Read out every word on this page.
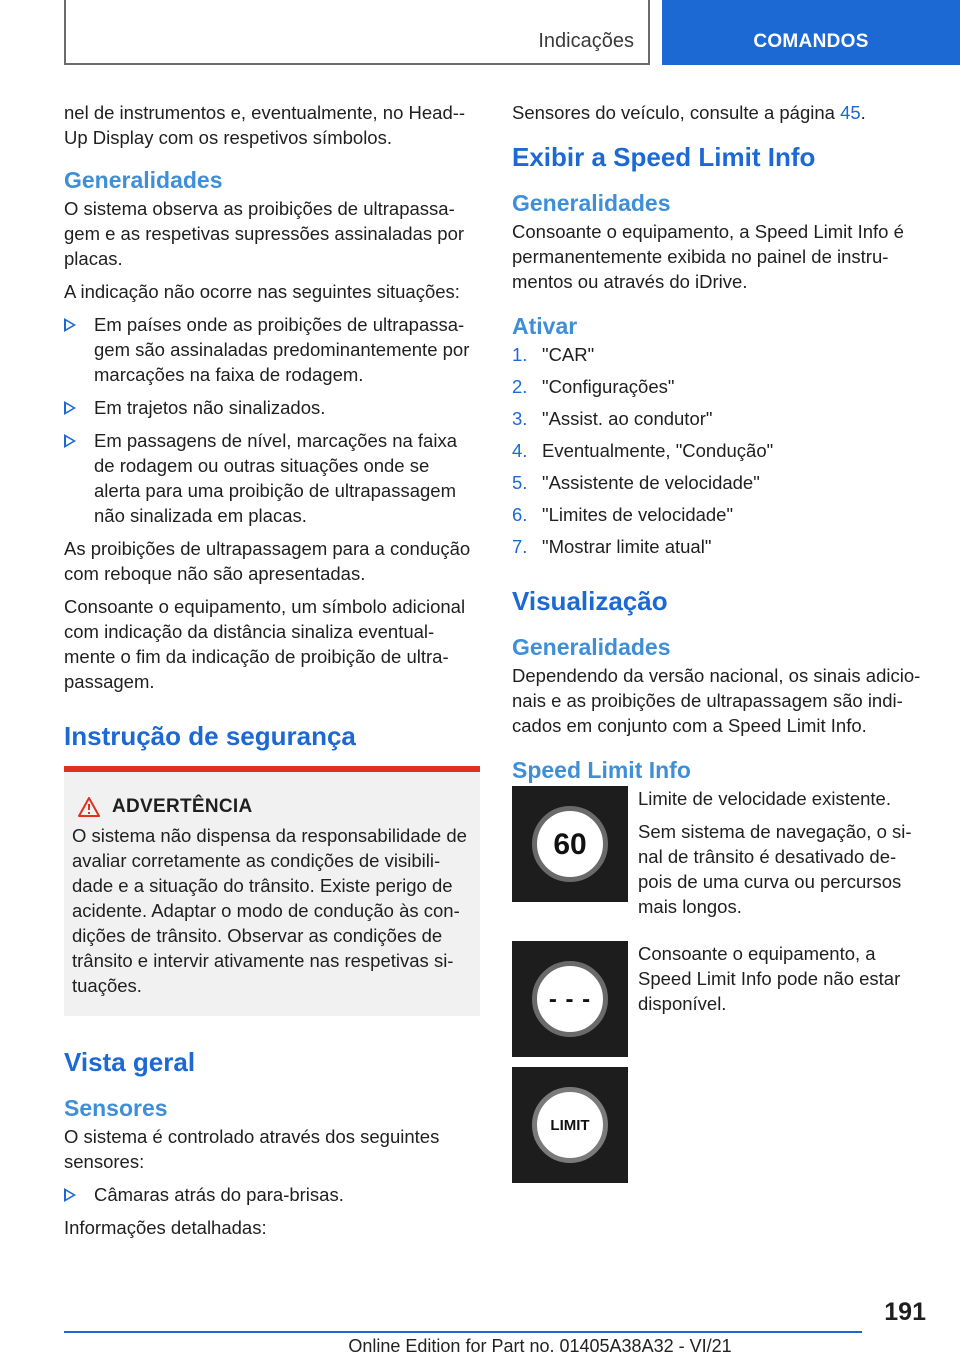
Indicações	COMANDOS
nel de instrumentos e, eventualmente, no Head--Up Display com os respetivos símbolos.
Generalidades
O sistema observa as proibições de ultrapassa-gem e as respetivas supressões assinaladas por placas.
A indicação não ocorre nas seguintes situações:
Em países onde as proibições de ultrapassa-gem são assinaladas predominantemente por marcações na faixa de rodagem.
Em trajetos não sinalizados.
Em passagens de nível, marcações na faixa de rodagem ou outras situações onde se alerta para uma proibição de ultrapassagem não sinalizada em placas.
As proibições de ultrapassagem para a condução com reboque não são apresentadas.
Consoante o equipamento, um símbolo adicional com indicação da distância sinaliza eventual-mente o fim da indicação de proibição de ultra-passagem.
Instrução de segurança
ADVERTÊNCIA
O sistema não dispensa da responsabilidade de avaliar corretamente as condições de visibili-dade e a situação do trânsito. Existe perigo de acidente. Adaptar o modo de condução às con-dições de trânsito. Observar as condições de trânsito e intervir ativamente nas respetivas si-tuações.
Vista geral
Sensores
O sistema é controlado através dos seguintes sensores:
Câmaras atrás do para-brisas.
Informações detalhadas:
Sensores do veículo, consulte a página 45.
Exibir a Speed Limit Info
Generalidades
Consoante o equipamento, a Speed Limit Info é permanentemente exibida no painel de instru-mentos ou através do iDrive.
Ativar
1. "CAR"
2. "Configurações"
3. "Assist. ao condutor"
4. Eventualmente, "Condução"
5. "Assistente de velocidade"
6. "Limites de velocidade"
7. "Mostrar limite atual"
Visualização
Generalidades
Dependendo da versão nacional, os sinais adicio-nais e as proibições de ultrapassagem são indi-cados em conjunto com a Speed Limit Info.
Speed Limit Info
60
Limite de velocidade existente.
Sem sistema de navegação, o si-nal de trânsito é desativado de-pois de uma curva ou percursos mais longos.
- - -
Consoante o equipamento, a Speed Limit Info pode não estar disponível.
LIMIT
191
Online Edition for Part no. 01405A38A32 - VI/21
